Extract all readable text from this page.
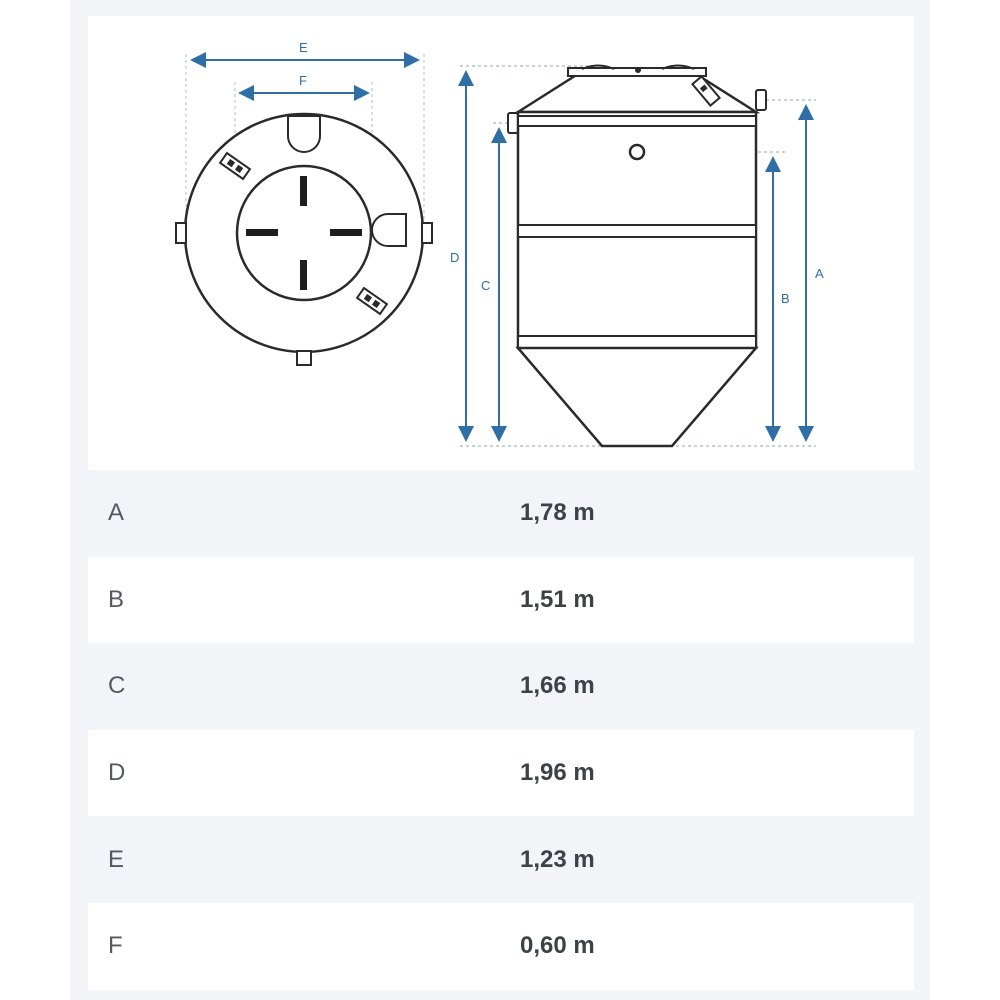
E
F
D
C
B
A
A	1,78 m
B	1,51 m
C	1,66 m
D	1,96 m
E	1,23 m
F	0,60 m
